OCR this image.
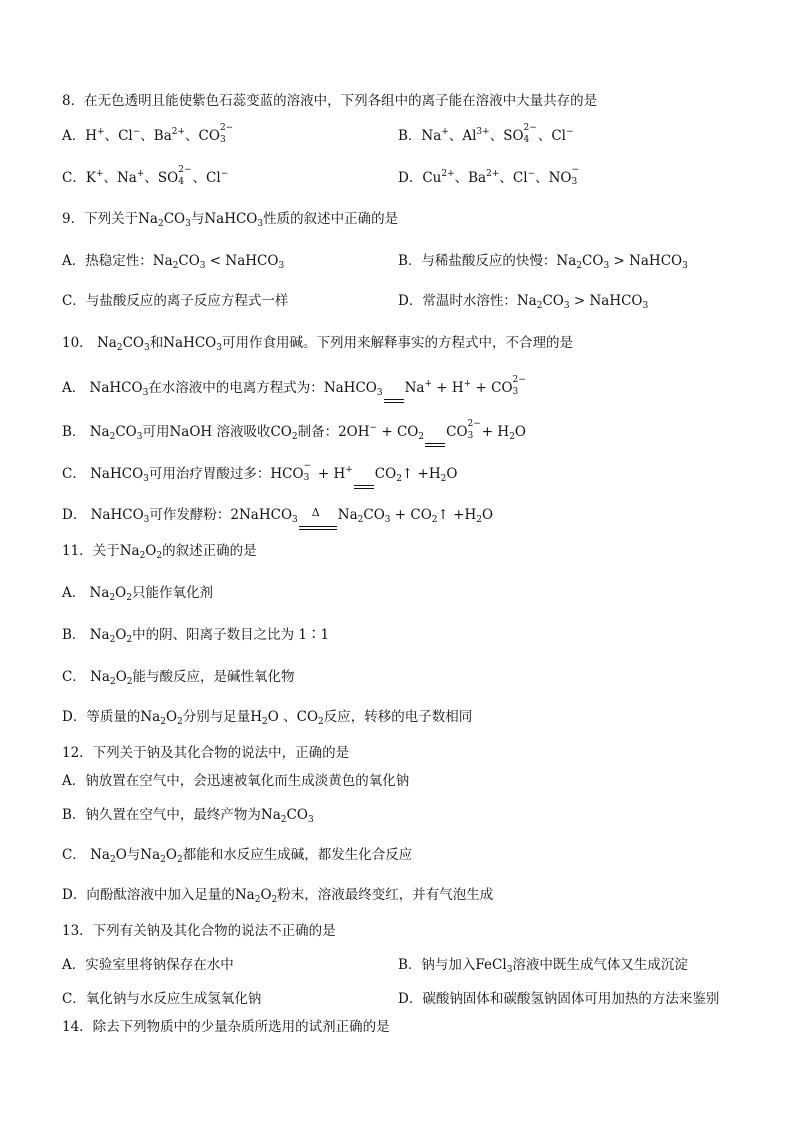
8．在无色透明且能使紫色石蕊变蓝的溶液中，下列各组中的离子能在溶液中大量共存的是
A．H+、Cl−、$Ba^{2+}$、CO
2−
3	B．Na+、$Al^{3+}$、SO
2−
4 、Cl−
C．K+、Na+、SO
2−
4 、Cl−	D．$Cu^{2+}$、$Ba^{2+}$、Cl−、NO
−
3
9．下列关于$Na_2CO_3$与NaHCO$_3$性质的叙述中正确的是
A．热稳定性：$Na_2CO_3$ < NaHCO$_3$	B．与稀盐酸反应的快慢：$Na_2CO_3$ > NaHCO$_3$
C．与盐酸反应的离子反应方程式一样	D．常温时水溶性：$Na_2CO_3$ > NaHCO$_3$
10． $Na_2CO_3$和NaHCO$_3$可用作食用碱。下列用来解释事实的方程式中，不合理的是
A． NaHCO$_3$在水溶液中的电离方程式为：NaHCO$_3$ Na+ + H+ + CO
2−
3
B． $Na_2CO_3$可用NaOH 溶液吸收$CO_2$制备：$2OH^- + CO_2$ CO
2−
$3 + H_2O$
C． NaHCO$_3$可用治疗胃酸过多：HCO
−
3 + H+ $CO_2↑ +H_2O$
D． NaHCO$_3$可作发酵粉：2NaHCO$_3$
Δ $Na_2CO_3$ + $CO_2↑ +H_2O$
11．关于$Na_2O_2$的叙述正确的是
A． $Na_2O_2$只能作氧化剂
B． $Na_2O_2$中的阴、阳离子数目之比为 1∶1
C． $Na_2O_2$能与酸反应，是碱性氧化物
D．等质量的$Na_2O_2$分别与足量$H_2O$ 、$CO_2$反应，转移的电子数相同
12．下列关于钠及其化合物的说法中，正确的是
A．钠放置在空气中，会迅速被氧化而生成淡黄色的氧化钠
B．钠久置在空气中，最终产物为$Na_2CO_3$
C． $Na_2O$与$Na_2O_2$都能和水反应生成碱，都发生化合反应
D．向酚酞溶液中加入足量的$Na_2O_2$粉末，溶液最终变红，并有气泡生成
13．下列有关钠及其化合物的说法不正确的是
A．实验室里将钠保存在水中	B．钠与加入FeCl$_3$溶液中既生成气体又生成沉淀
C．氧化钠与水反应生成氢氧化钠	D．碳酸钠固体和碳酸氢钠固体可用加热的方法来鉴别
14．除去下列物质中的少量杂质所选用的试剂正确的是
